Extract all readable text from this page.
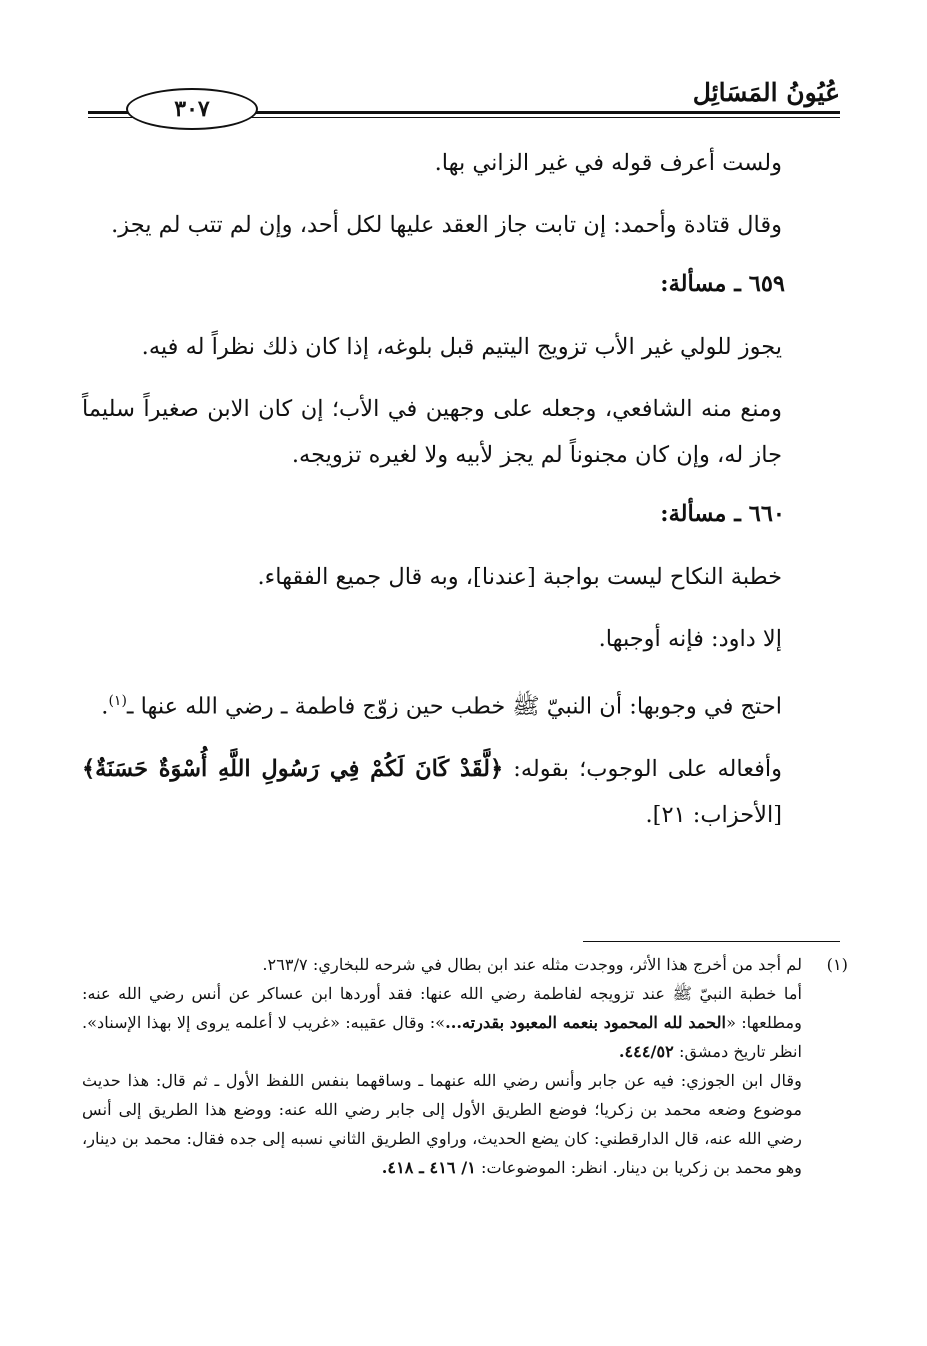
عُيُونُ المَسَائِل
٣٠٧

ولست أعرف قوله في غير الزاني بها.

وقال قتادة وأحمد: إن تابت جاز العقد عليها لكل أحد، وإن لم تتب لم يجز.

٦٥٩ ـ مسألة:

يجوز للولي غير الأب تزويج اليتيم قبل بلوغه، إذا كان ذلك نظراً له فيه.

ومنع منه الشافعي، وجعله على وجهين في الأب؛ إن كان الابن صغيراً سليماً جاز له، وإن كان مجنوناً لم يجز لأبيه ولا لغيره تزويجه.

٦٦٠ ـ مسألة:

خطبة النكاح ليست بواجبة [عندنا]، وبه قال جميع الفقهاء.

إلا داود: فإنه أوجبها.

احتج في وجوبها: أن النبيّ ﷺ خطب حين زوّج فاطمة ـ رضي الله عنها ـ$^{(١)}$.

وأفعاله على الوجوب؛ بقوله: ﴿لَّقَدْ كَانَ لَكُمْ فِي رَسُولِ اللَّهِ أُسْوَةٌ حَسَنَةٌ﴾ [الأحزاب: ٢١].

(١)
لم أجد من أخرج هذا الأثر، ووجدت مثله عند ابن بطال في شرحه للبخاري: ٢٦٣/٧.

أما خطبة النبيّ ﷺ عند تزويجه لفاطمة رضي الله عنها: فقد أوردها ابن عساكر عن أنس رضي الله عنه: ومطلعها: «الحمد لله المحمود بنعمه المعبود بقدرته...»: وقال عقيبه: «غريب لا أعلمه يروى إلا بهذا الإسناد». انظر تاريخ دمشق: ٤٤٤/٥٢.

وقال ابن الجوزي: فيه عن جابر وأنس رضي الله عنهما ـ وساقهما بنفس اللفظ الأول ـ ثم قال: هذا حديث موضوع وضعه محمد بن زكريا؛ فوضع الطريق الأول إلى جابر رضي الله عنه: ووضع هذا الطريق إلى أنس رضي الله عنه، قال الدارقطني: كان يضع الحديث، وراوي الطريق الثاني نسبه إلى جده فقال: محمد بن دينار، وهو محمد بن زكريا بن دينار. انظر: الموضوعات: ١/ ٤١٦ ـ ٤١٨.
